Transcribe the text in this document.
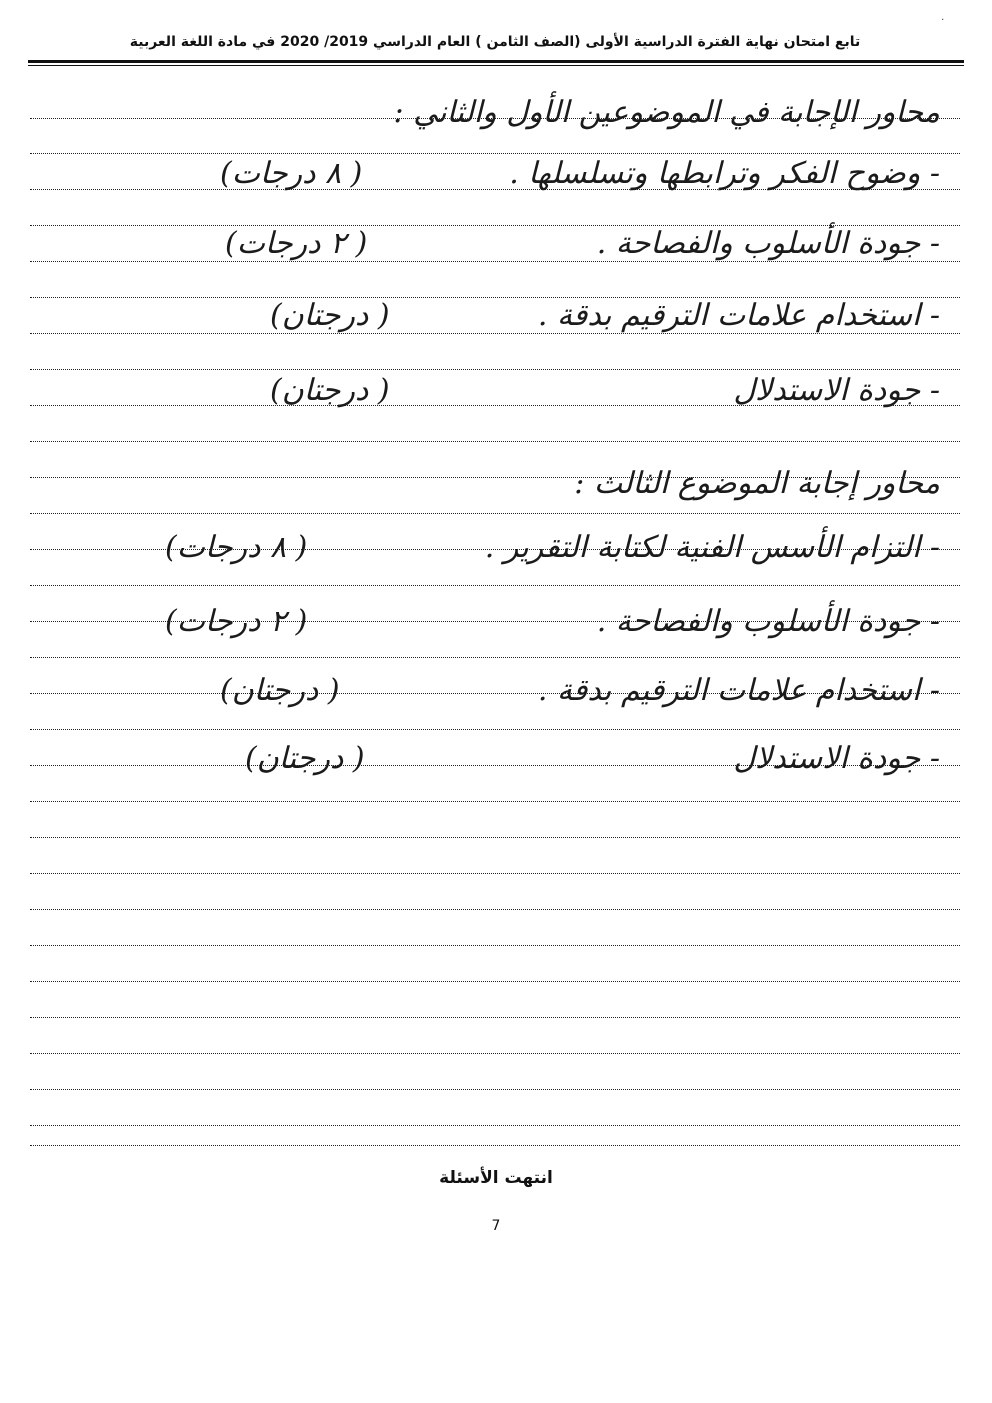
٠
تابع امتحان نهاية الفترة الدراسية الأولى (الصف الثامن ) العام الدراسي 2019/ 2020 في مادة اللغة العربية
محاور الإجابة في الموضوعين الأول والثاني :
- وضوح الفكر وترابطها وتسلسلها .
( ٨ درجات)
- جودة الأسلوب والفصاحة .
( ٢ درجات)
- استخدام علامات الترقيم بدقة .
( درجتان)
- جودة الاستدلال
( درجتان)
محاور إجابة الموضوع الثالث :
- التزام الأسس الفنية لكتابة التقرير .
( ٨ درجات)
- جودة الأسلوب والفصاحة .
( ٢ درجات)
- استخدام علامات الترقيم بدقة .
( درجتان)
- جودة الاستدلال
( درجتان)
انتهت الأسئلة
7
